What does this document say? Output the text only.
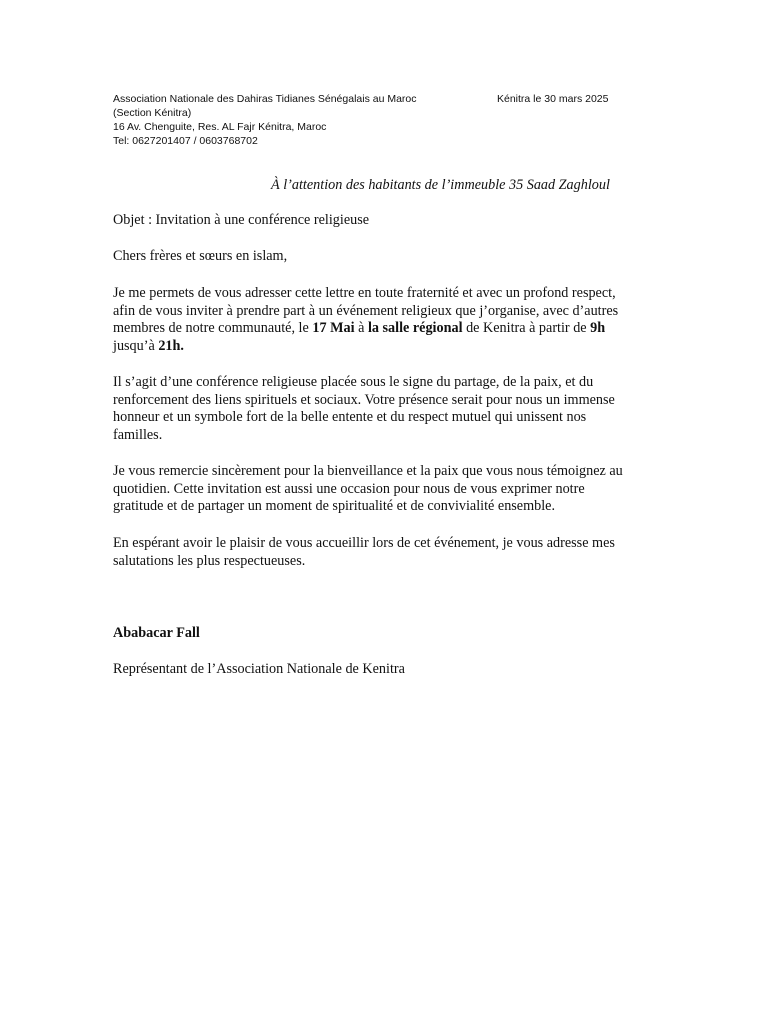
Association Nationale des Dahiras Tidianes Sénégalais au Maroc
(Section Kénitra)
16 Av. Chenguite, Res. AL Fajr Kénitra, Maroc
Tel: 0627201407 / 0603768702
Kénitra le 30 mars 2025
À l’attention des habitants de l’immeuble 35 Saad Zaghloul
Objet : Invitation à une conférence religieuse
Chers frères et sœurs en islam,
Je me permets de vous adresser cette lettre en toute fraternité et avec un profond respect,
afin de vous inviter à prendre part à un événement religieux que j’organise, avec d’autres
membres de notre communauté, le 17 Mai à la salle régional de Kenitra à partir de 9h
jusqu’à 21h.
Il s’agit d’une conférence religieuse placée sous le signe du partage, de la paix, et du
renforcement des liens spirituels et sociaux. Votre présence serait pour nous un immense
honneur et un symbole fort de la belle entente et du respect mutuel qui unissent nos
familles.
Je vous remercie sincèrement pour la bienveillance et la paix que vous nous témoignez au
quotidien. Cette invitation est aussi une occasion pour nous de vous exprimer notre
gratitude et de partager un moment de spiritualité et de convivialité ensemble.
En espérant avoir le plaisir de vous accueillir lors de cet événement, je vous adresse mes
salutations les plus respectueuses.
Ababacar Fall
Représentant de l’Association Nationale de Kenitra
